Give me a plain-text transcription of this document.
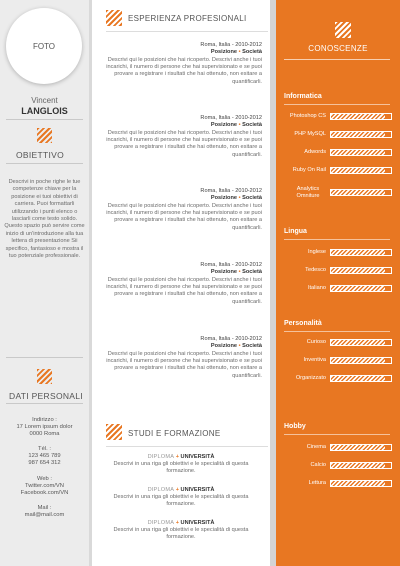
FOTO
Vincent
LANGLOIS
OBIETTIVO
Descrivi in poche righe le tue competenze chiave per la posizione ei tuoi obiettivi di carriera. Puoi formattarli utilizzando i punti elenco o lasciarli come testo solido. Questo spazio può servire come inizio di un'introduzione alla tua lettera di presentazione Sii specifico, fantasioso e mostra il tuo potenziale professionale.
DATI PERSONALI
Indirizzo :
17 Lorem ipsum dolor
0000 Roma
Tél. :
123 465 789
987 654 312
Web :
Twitter.com/VN
Facebook.com/VN
Mail :
mail@mail.com
ESPERIENZA PROFESIONALI
Roma, Italia - 2010-2012
Posizione • Società
Descrivi qui le posizioni che hai ricoperto. Descrivi anche i tuoi incarichi, il numero di persone che hai supervisionato e se puoi provare a registrare i risultati che hai ottenuto, non esitare a quantificarli.
Roma, Italia - 2010-2012
Posizione • Società
Descrivi qui le posizioni che hai ricoperto. Descrivi anche i tuoi incarichi, il numero di persone che hai supervisionato e se puoi provare a registrare i risultati che hai ottenuto, non esitare a quantificarli.
Roma, Italia - 2010-2012
Posizione • Società
Descrivi qui le posizioni che hai ricoperto. Descrivi anche i tuoi incarichi, il numero di persone che hai supervisionato e se puoi provare a registrare i risultati che hai ottenuto, non esitare a quantificarli.
Roma, Italia - 2010-2012
Posizione • Società
Descrivi qui le posizioni che hai ricoperto. Descrivi anche i tuoi incarichi, il numero di persone che hai supervisionato e se puoi provare a registrare i risultati che hai ottenuto, non esitare a quantificarli.
Roma, Italia - 2010-2012
Posizione • Società
Descrivi qui le posizioni che hai ricoperto. Descrivi anche i tuoi incarichi, il numero di persone che hai supervisionato e se puoi provare a registrare i risultati che hai ottenuto, non esitare a quantificarli.
STUDI E FORMAZIONE
DIPLOMA + UNIVERSITÀ
Descrivi in una riga gli obiettivi e le specialità di questa formazione.
DIPLOMA + UNIVERSITÀ
Descrivi in una riga gli obiettivi e le specialità di questa formazione.
DIPLOMA + UNIVERSITÀ
Descrivi in una riga gli obiettivi e le specialità di questa formazione.
CONOSCENZE
Informatica
Photoshop CS
PHP MySQL
Adwords
Ruby On Rail
Analytics Omniture
Lingua
Inglese
Tedesco
Italiano
Personalità
Curioso
Inventiva
Organizzato
Hobby
Cinema
Calcio
Lettura
